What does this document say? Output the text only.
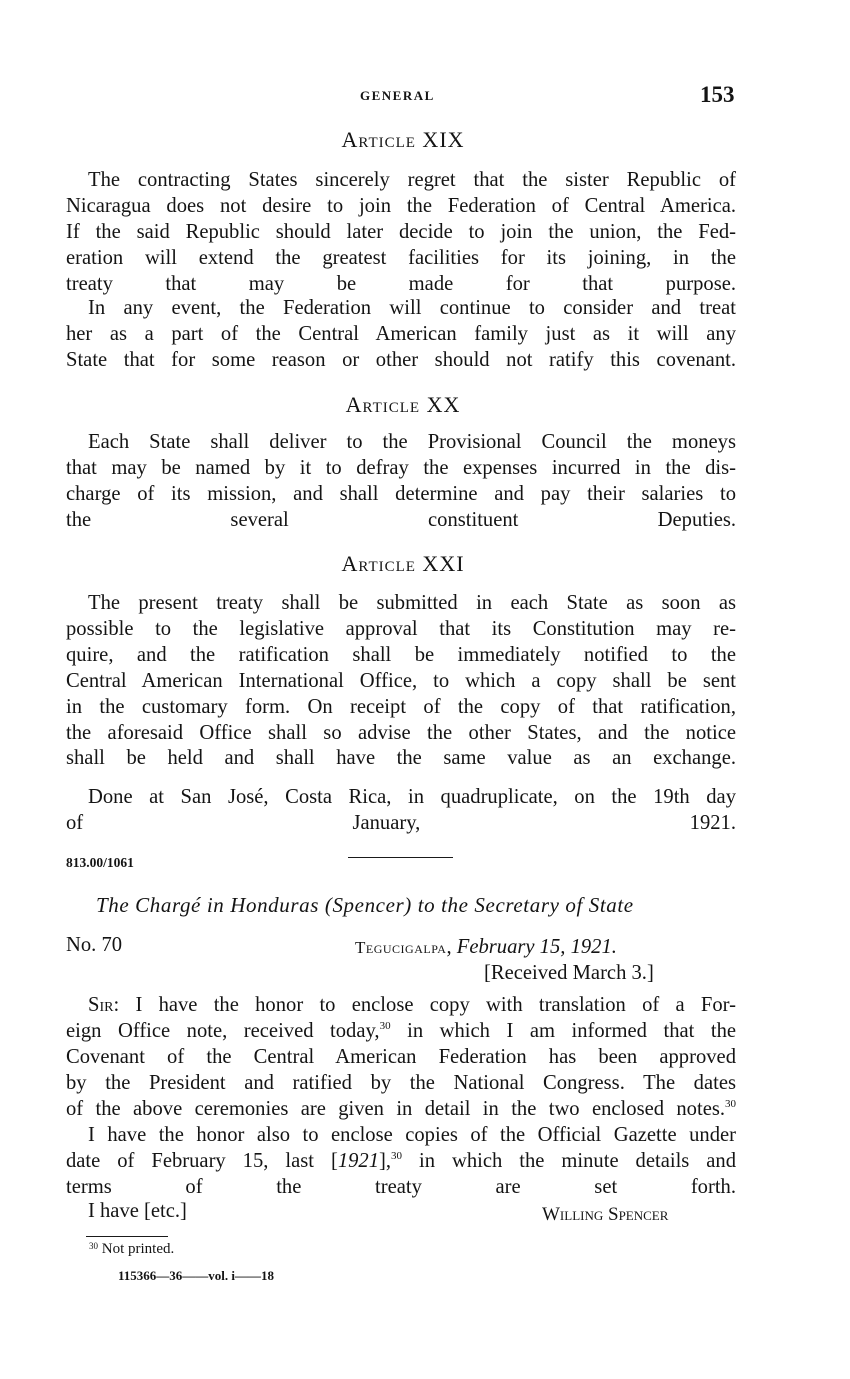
GENERAL	153
Article XIX
The contracting States sincerely regret that the sister Republic of
Nicaragua does not desire to join the Federation of Central America.
If the said Republic should later decide to join the union, the Fed-
eration will extend the greatest facilities for its joining, in the
treaty that may be made for that purpose.
In any event, the Federation will continue to consider and treat
her as a part of the Central American family just as it will any
State that for some reason or other should not ratify this covenant.
Article XX
Each State shall deliver to the Provisional Council the moneys
that may be named by it to defray the expenses incurred in the dis-
charge of its mission, and shall determine and pay their salaries to
the several constituent Deputies.
Article XXI
The present treaty shall be submitted in each State as soon as
possible to the legislative approval that its Constitution may re-
quire, and the ratification shall be immediately notified to the
Central American International Office, to which a copy shall be sent
in the customary form. On receipt of the copy of that ratification,
the aforesaid Office shall so advise the other States, and the notice
shall be held and shall have the same value as an exchange.
Done at San José, Costa Rica, in quadruplicate, on the 19th day
of January, 1921.
813.00/1061
The Chargé in Honduras (Spencer) to the Secretary of State
No. 70	Tegucigalpa, February 15, 1921.
[Received March 3.]
Sir: I have the honor to enclose copy with translation of a For-
eign Office note, received today,$^{30}$ in which I am informed that the
Covenant of the Central American Federation has been approved
by the President and ratified by the National Congress. The dates
of the above ceremonies are given in detail in the two enclosed notes.$^{30}$
I have the honor also to enclose copies of the Official Gazette under
date of February 15, last [1921],$^{30}$ in which the minute details and
terms of the treaty are set forth.
I have [etc.]	Willing Spencer
$^{30}$ Not printed.
115366—36——vol. i——18
